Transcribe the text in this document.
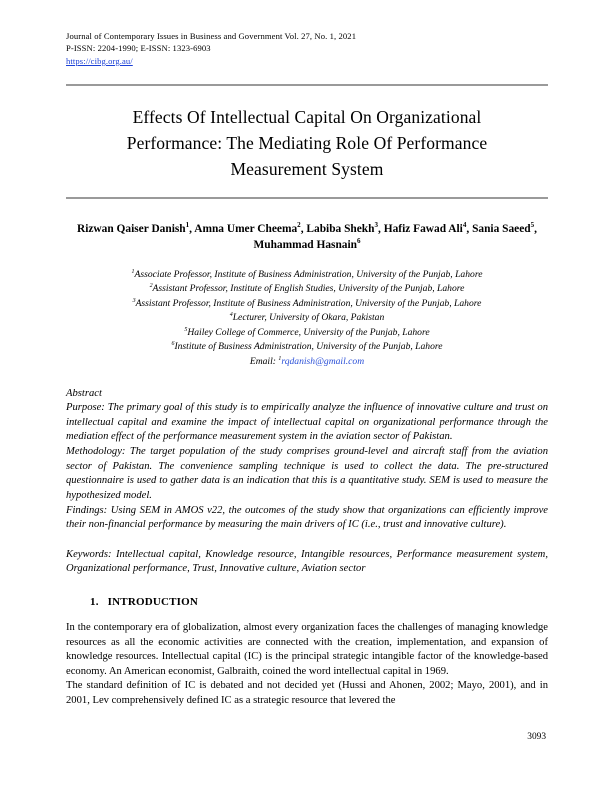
Journal of Contemporary Issues in Business and Government Vol. 27, No. 1, 2021
P-ISSN: 2204-1990; E-ISSN: 1323-6903
https://cibg.org.au/
Effects Of Intellectual Capital On Organizational Performance: The Mediating Role Of Performance Measurement System
Rizwan Qaiser Danish$^1$, Amna Umer Cheema$^2$, Labiba Shekh$^3$, Hafiz Fawad Ali$^4$, Sania Saeed$^5$, Muhammad Hasnain$^6$
$^1$Associate Professor, Institute of Business Administration, University of the Punjab, Lahore
$^2$Assistant Professor, Institute of English Studies, University of the Punjab, Lahore
$^3$Assistant Professor, Institute of Business Administration, University of the Punjab, Lahore
$^4$Lecturer, University of Okara, Pakistan
$^5$Hailey College of Commerce, University of the Punjab, Lahore
$^6$Institute of Business Administration, University of the Punjab, Lahore
Email: $^1$rqdanish@gmail.com
Abstract

Purpose: The primary goal of this study is to empirically analyze the influence of innovative culture and trust on intellectual capital and examine the impact of intellectual capital on organizational performance through the mediation effect of the performance measurement system in the aviation sector of Pakistan.

Methodology: The target population of the study comprises ground-level and aircraft staff from the aviation sector of Pakistan. The convenience sampling technique is used to collect the data. The pre-structured questionnaire is used to gather data is an indication that this is a quantitative study. SEM is used to measure the hypothesized model.

Findings: Using SEM in AMOS v22, the outcomes of the study show that organizations can efficiently improve their non-financial performance by measuring the main drivers of IC (i.e., trust and innovative culture).

Keywords: Intellectual capital, Knowledge resource, Intangible resources, Performance measurement system, Organizational performance, Trust, Innovative culture, Aviation sector
1. INTRODUCTION

In the contemporary era of globalization, almost every organization faces the challenges of managing knowledge resources as all the economic activities are connected with the creation, implementation, and expansion of knowledge resources. Intellectual capital (IC) is the principal strategic intangible factor of the knowledge-based economy. An American economist, Galbraith, coined the word intellectual capital in 1969.

The standard definition of IC is debated and not decided yet (Hussi and Ahonen, 2002; Mayo, 2001), and in 2001, Lev comprehensively defined IC as a strategic resource that levered the

3093
